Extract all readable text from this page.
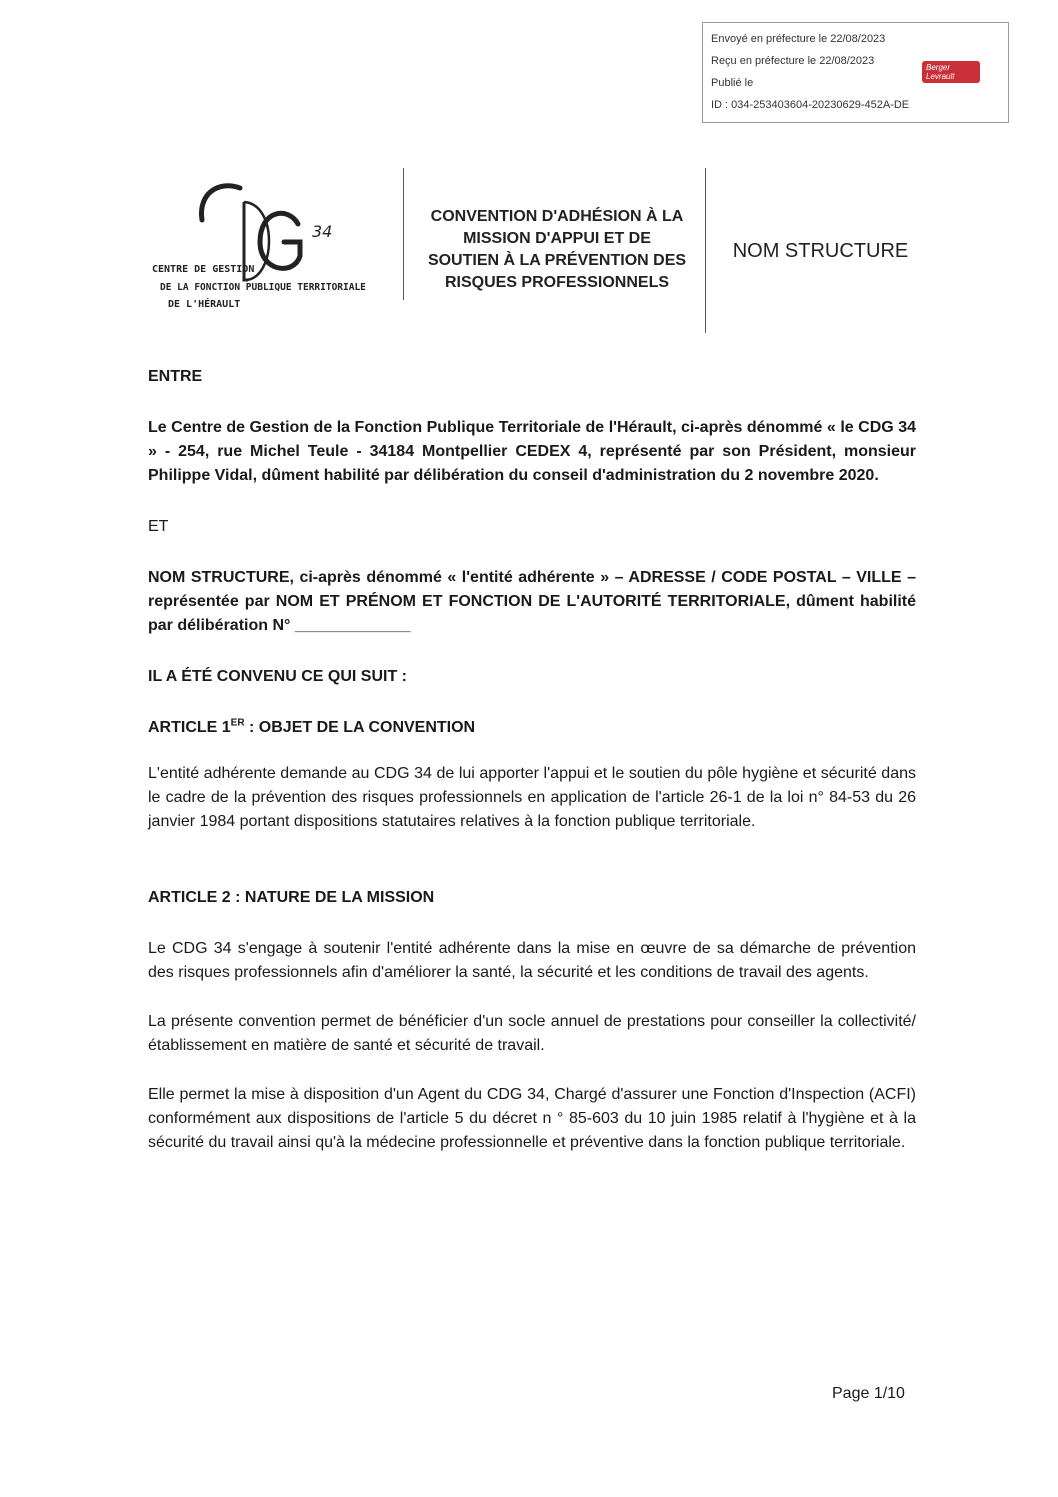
Envoyé en préfecture le 22/08/2023
Reçu en préfecture le 22/08/2023
Publié le
ID : 034-253403604-20230629-452A-DE
Berger
Levrault
34
CENTRE DE GESTION
DE LA FONCTION PUBLIQUE TERRITORIALE
DE L'HÉRAULT
CONVENTION D'ADHÉSION À LA
MISSION D'APPUI ET DE
SOUTIEN À LA PRÉVENTION DES
RISQUES PROFESSIONNELS
NOM STRUCTURE

ENTRE

Le Centre de Gestion de la Fonction Publique Territoriale de l'Hérault, ci-après dénommé « le CDG 34 » - 254, rue Michel Teule - 34184 Montpellier CEDEX 4, représenté par son Président, monsieur Philippe Vidal, dûment habilité par délibération du conseil d'administration du 2 novembre 2020.

ET

NOM STRUCTURE, ci-après dénommé « l'entité adhérente » – ADRESSE / CODE POSTAL – VILLE – représentée par NOM ET PRÉNOM ET FONCTION DE L'AUTORITÉ TERRITORIALE, dûment habilité par délibération N° _____________

IL A ÉTÉ CONVENU CE QUI SUIT :

ARTICLE 1ER : OBJET DE LA CONVENTION

L'entité adhérente demande au CDG 34 de lui apporter l'appui et le soutien du pôle hygiène et sécurité dans le cadre de la prévention des risques professionnels en application de l'article 26-1 de la loi n° 84-53 du 26 janvier 1984 portant dispositions statutaires relatives à la fonction publique territoriale.

ARTICLE 2 : NATURE DE LA MISSION

Le CDG 34 s'engage à soutenir l'entité adhérente dans la mise en œuvre de sa démarche de prévention des risques professionnels afin d'améliorer la santé, la sécurité et les conditions de travail des agents.

La présente convention permet de bénéficier d'un socle annuel de prestations pour conseiller la collectivité/établissement en matière de santé et sécurité de travail.

Elle permet la mise à disposition d'un Agent du CDG 34, Chargé d'assurer une Fonction d'Inspection (ACFI) conformément aux dispositions de l'article 5 du décret n ° 85-603 du 10 juin 1985 relatif à l'hygiène et à la sécurité du travail ainsi qu'à la médecine professionnelle et préventive dans la fonction publique territoriale.

Page 1/10
